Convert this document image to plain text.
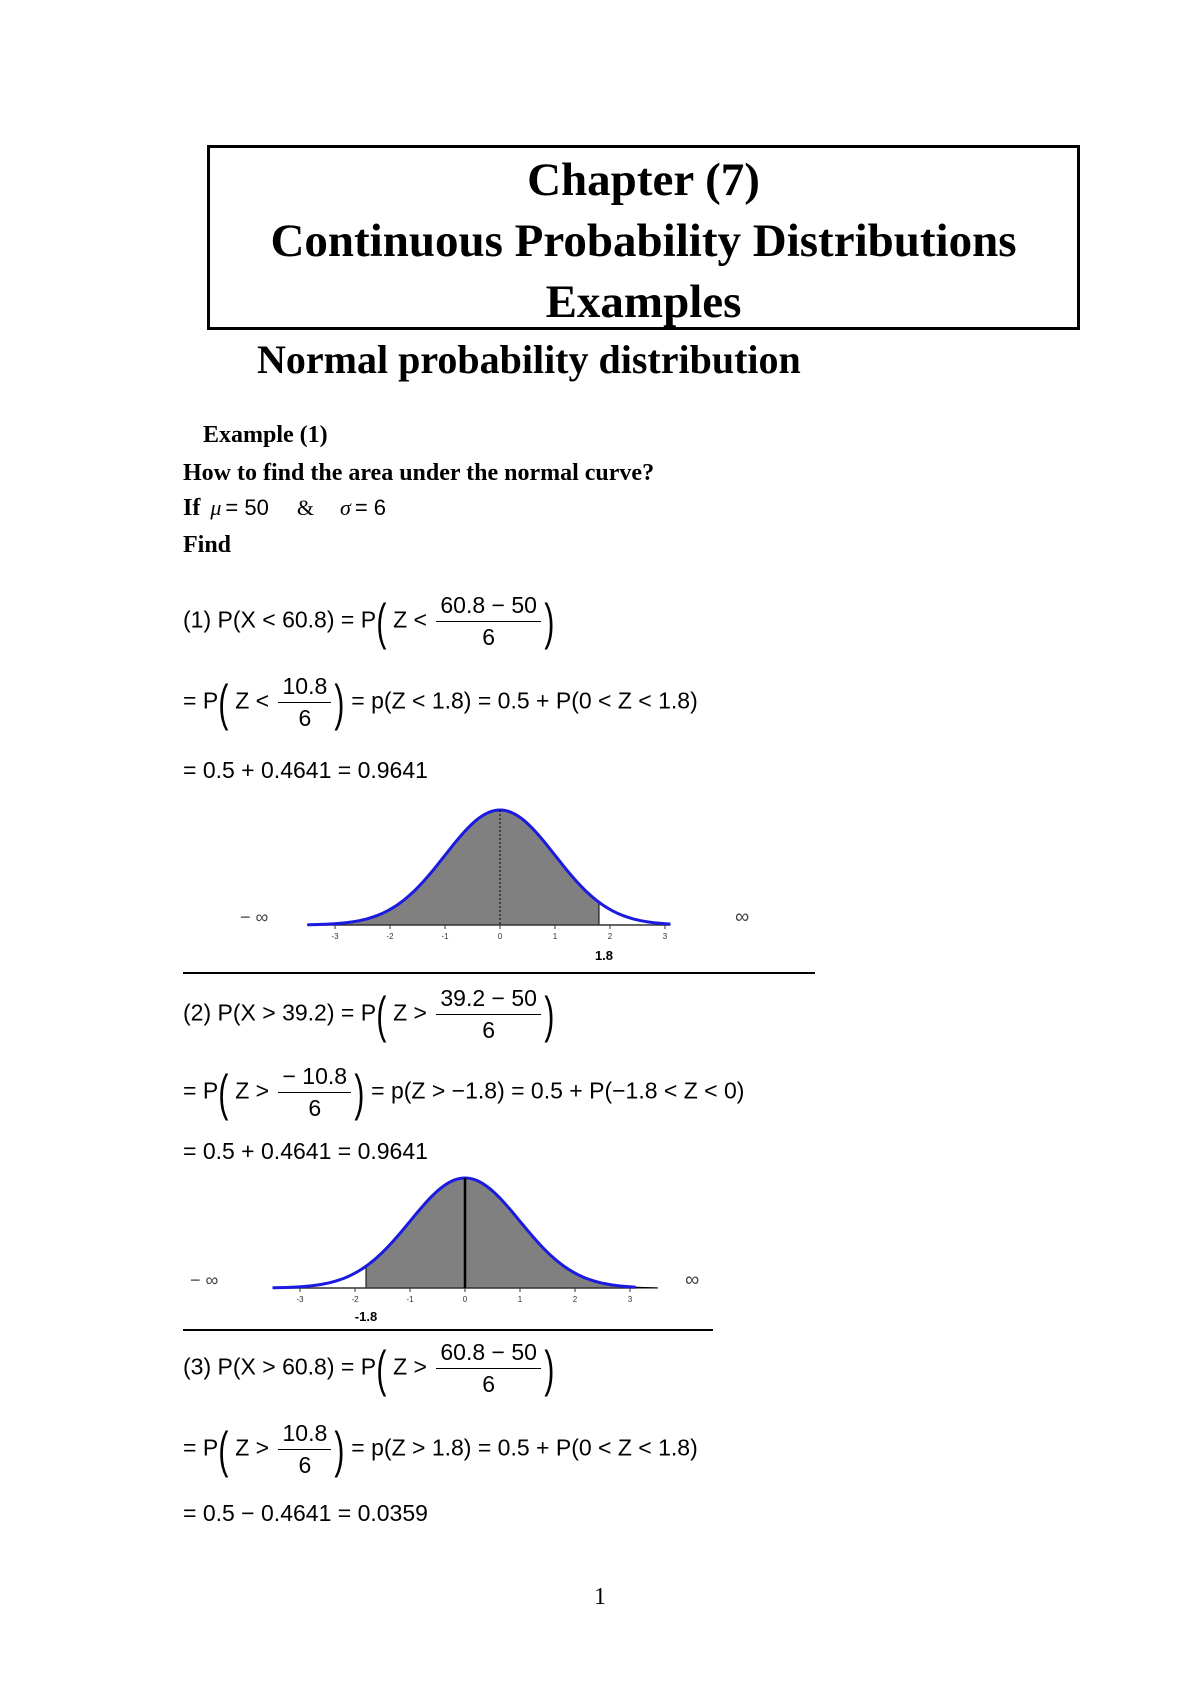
Chapter (7)
Continuous Probability Distributions
Examples
Normal probability distribution
Example (1)
How to find the area under the normal curve?
If μ = 50 & σ = 6
Find
(1) P(X < 60.8) = P( $Z < \frac{60.8 - 50}{6}$ )
= P( $Z < \frac{10.8}{6}$ ) = p(Z < 1.8) = 0.5 + P(0 < Z < 1.8)
= 0.5 + 0.4641 = 0.9641
-3	-2	-1	0	1	2	3
1.8
− ∞	∞
(2) P(X > 39.2) = P( $Z > \frac{39.2 - 50}{6}$ )
= P( $Z > \frac{- 10.8}{6}$ ) = p(Z > −1.8) = 0.5 + P(−1.8 < Z < 0)
= 0.5 + 0.4641 = 0.9641
-3	-2	-1	0	1	2	3
-1.8
− ∞	∞
(3) P(X > 60.8) = P( $Z > \frac{60.8 - 50}{6}$ )
= P( $Z > \frac{10.8}{6}$ ) = p(Z > 1.8) = 0.5 + P(0 < Z < 1.8)
= 0.5 − 0.4641 = 0.0359
1
